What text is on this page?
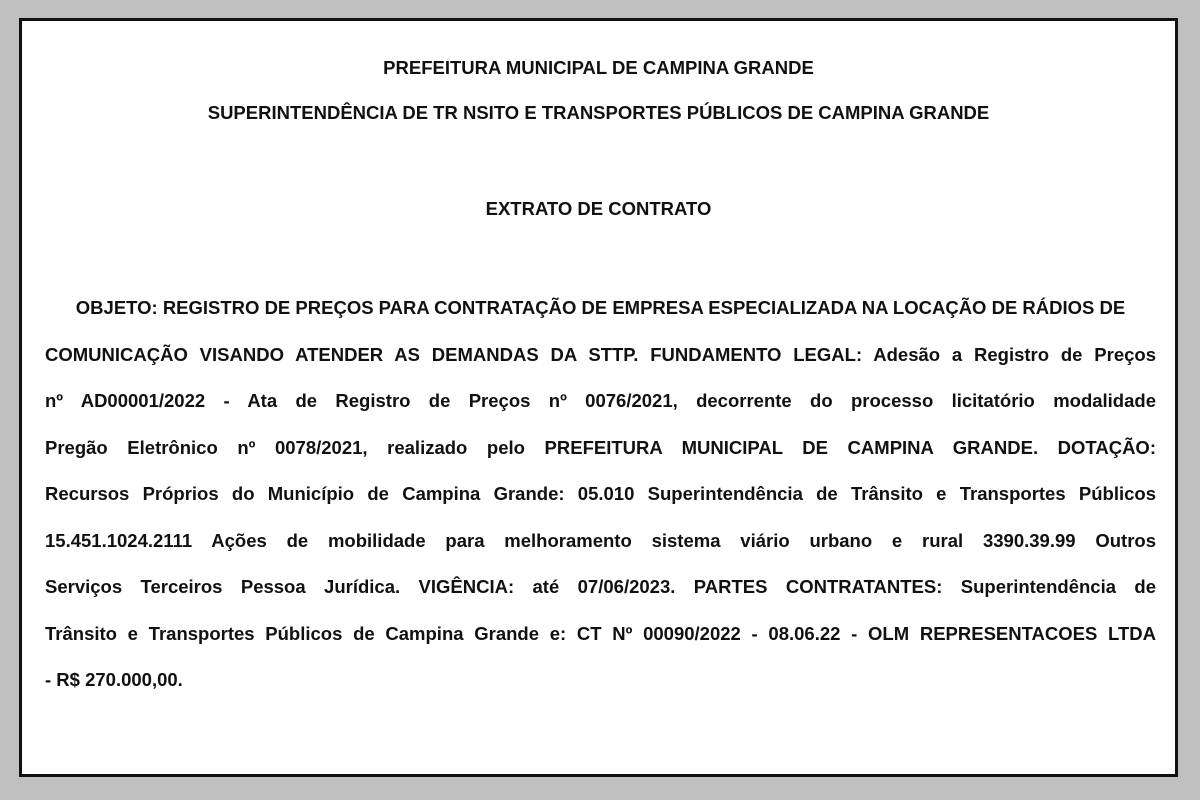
PREFEITURA MUNICIPAL DE CAMPINA GRANDE
SUPERINTENDÊNCIA DE TR NSITO E TRANSPORTES PÚBLICOS DE CAMPINA GRANDE
EXTRATO DE CONTRATO
OBJETO: REGISTRO DE PREÇOS PARA CONTRATAÇÃO DE EMPRESA ESPECIALIZADA NA LOCAÇÃO DE RÁDIOS DE
COMUNICAÇÃO VISANDO ATENDER AS DEMANDAS DA STTP. FUNDAMENTO LEGAL: Adesão a Registro de Preços
nº AD00001/2022 - Ata de Registro de Preços nº 0076/2021, decorrente do processo licitatório modalidade
Pregão Eletrônico nº 0078/2021, realizado pelo PREFEITURA MUNICIPAL DE CAMPINA GRANDE. DOTAÇÃO:
Recursos Próprios do Município de Campina Grande: 05.010 Superintendência de Trânsito e Transportes Públicos
15.451.1024.2111 Ações de mobilidade para melhoramento sistema viário urbano e rural 3390.39.99 Outros
Serviços Terceiros Pessoa Jurídica. VIGÊNCIA: até 07/06/2023. PARTES CONTRATANTES: Superintendência de
Trânsito e Transportes Públicos de Campina Grande e: CT Nº 00090/2022 - 08.06.22 - OLM REPRESENTACOES LTDA
- R$ 270.000,00.
